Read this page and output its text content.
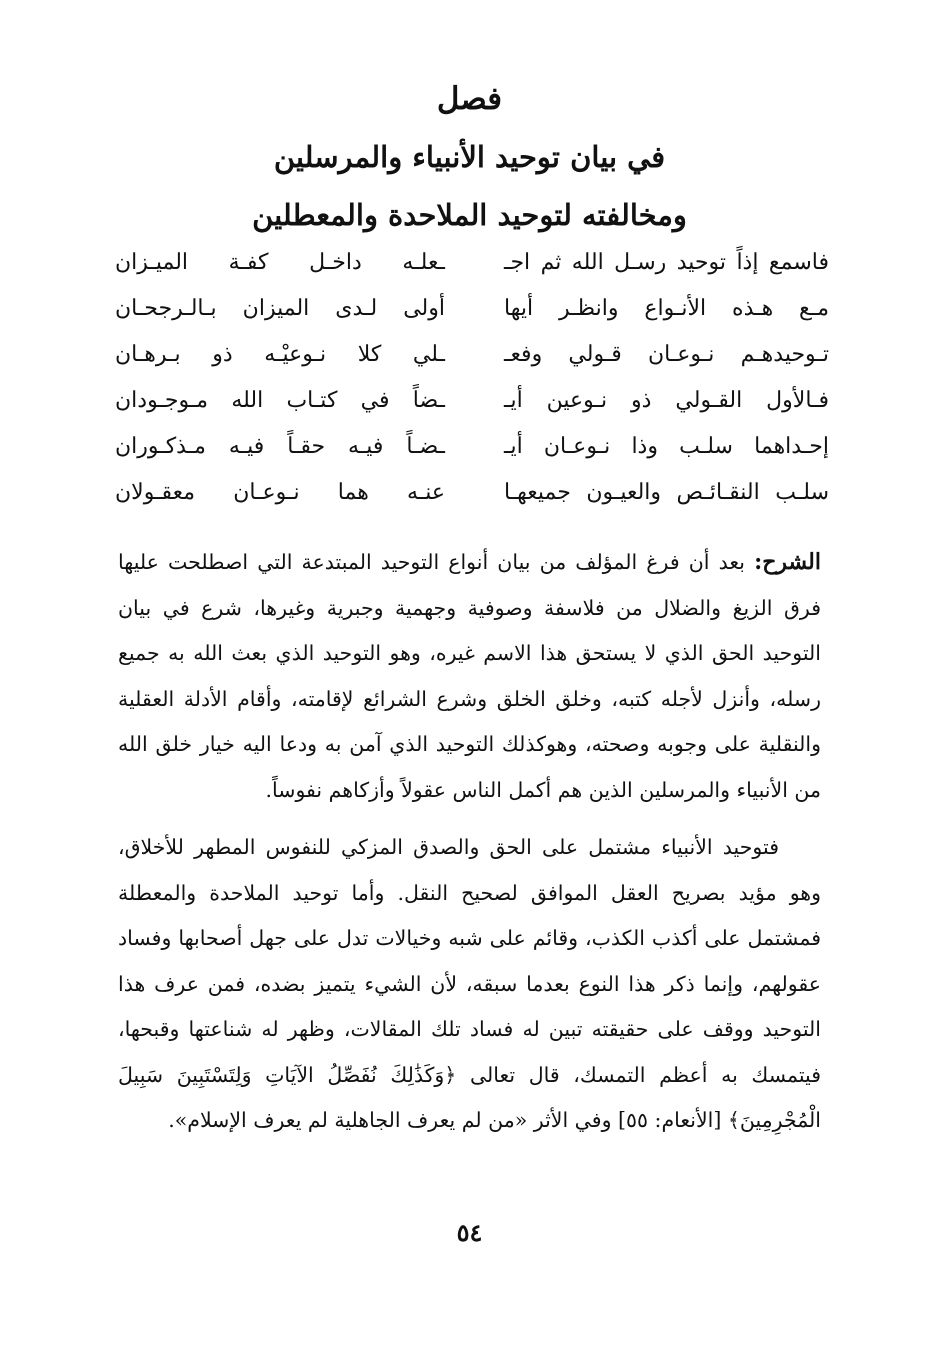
فصل
في بيان توحيد الأنبياء والمرسلين
ومخالفته لتوحيد الملاحدة والمعطلين
فاسمع إذاً توحيد رسـل الله ثم اجـ
ـعلـه داخـل كفـة الميـزان
مـع هـذه الأنـواع وانظـر أيها
أولى لـدى الميزان بـالـرجحـان
تـوحيدهـم نـوعـان قـولي وفعـ
ـلي كلا نـوعيْـه ذو بـرهـان
فـالأول القـولي ذو نـوعين أيـ
ـضاً في كتـاب الله مـوجـودان
إحـداهما سلـب وذا نـوعـان أيـ
ـضـاً فيـه حقـاً فيـه مـذكـوران
سلـب النقـائـص والعيـون جميعهـا
عنـه هما نـوعـان معقـولان

الشرح: بعد أن فرغ المؤلف من بيان أنواع التوحيد المبتدعة التي اصطلحت عليها فرق الزيغ والضلال من فلاسفة وصوفية وجهمية وجبرية وغيرها، شرع في بيان التوحيد الحق الذي لا يستحق هذا الاسم غيره، وهو التوحيد الذي بعث الله به جميع رسله، وأنزل لأجله كتبه، وخلق الخلق وشرع الشرائع لإقامته، وأقام الأدلة العقلية والنقلية على وجوبه وصحته، وهوكذلك التوحيد الذي آمن به ودعا اليه خيار خلق الله من الأنبياء والمرسلين الذين هم أكمل الناس عقولاً وأزكاهم نفوساً.

فتوحيد الأنبياء مشتمل على الحق والصدق المزكي للنفوس المطهر للأخلاق، وهو مؤيد بصريح العقل الموافق لصحيح النقل. وأما توحيد الملاحدة والمعطلة فمشتمل على أكذب الكذب، وقائم على شبه وخيالات تدل على جهل أصحابها وفساد عقولهم، وإنما ذكر هذا النوع بعدما سبقه، لأن الشيء يتميز بضده، فمن عرف هذا التوحيد ووقف على حقيقته تبين له فساد تلك المقالات، وظهر له شناعتها وقبحها، فيتمسك به أعظم التمسك، قال تعالى ﴿وَكَذَٰلِكَ نُفَصِّلُ الآيَاتِ وَلِتَسْتَبِينَ سَبِيلَ الْمُجْرِمِينَ﴾ [الأنعام: ٥٥] وفي الأثر «من لم يعرف الجاهلية لم يعرف الإسلام».

٥٤
